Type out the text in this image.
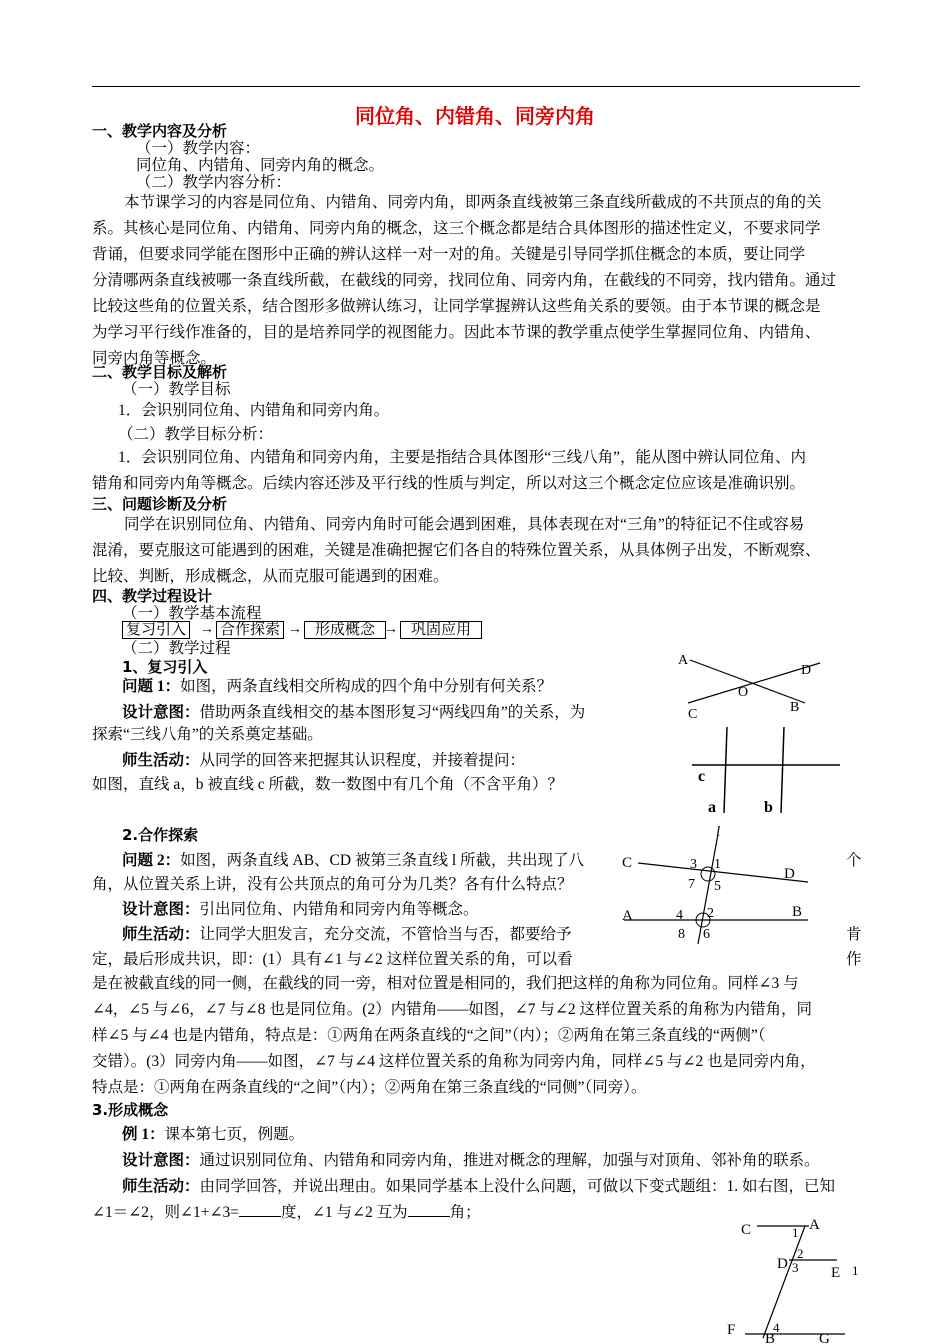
同位角、内错角、同旁内角
一、教学内容及分析
（一）教学内容：
同位角、内错角、同旁内角的概念。
（二）教学内容分析：
本节课学习的内容是同位角、内错角、同旁内角，即两条直线被第三条直线所截成的不共顶点的角的关
系。其核心是同位角、内错角、同旁内角的概念，这三个概念都是结合具体图形的描述性定义，不要求同学
背诵，但要求同学能在图形中正确的辨认这样一对一对的角。关键是引导同学抓住概念的本质，要让同学
分清哪两条直线被哪一条直线所截，在截线的同旁，找同位角、同旁内角，在截线的不同旁，找内错角。通过
比较这些角的位置关系，结合图形多做辨认练习，让同学掌握辨认这些角关系的要领。由于本节课的概念是
为学习平行线作准备的，目的是培养同学的视图能力。因此本节课的教学重点使学生掌握同位角、内错角、
同旁内角等概念。
二、教学目标及解析
（一）教学目标
1．会识别同位角、内错角和同旁内角。
（二）教学目标分析：
1．会识别同位角、内错角和同旁内角，主要是指结合具体图形“三线八角”，能从图中辨认同位角、内
错角和同旁内角等概念。后续内容还涉及平行线的性质与判定，所以对这三个概念定位应该是准确识别。
三、问题诊断及分析
同学在识别同位角、内错角、同旁内角时可能会遇到困难，具体表现在对“三角”的特征记不住或容易
混淆，要克服这可能遇到的困难，关键是准确把握它们各自的特殊位置关系，从具体例子出发，不断观察、
比较、判断，形成概念，从而克服可能遇到的困难。
四、教学过程设计
（一）教学基本流程
复习引入 → 合作探索 → 形成概念 → 巩固应用
（二）教学过程
1、复习引入
问题 1：如图，两条直线相交所构成的四个角中分别有何关系？
设计意图：借助两条直线相交的基本图形复习“两线四角”的关系，为
探索“三线八角”的关系奠定基础。
师生活动：从同学的回答来把握其认识程度，并接着提问：
如图，直线 a，b 被直线 c 所截，数一数图中有几个角（不含平角）？
2.合作探索
问题 2：如图，两条直线 AB、CD 被第三条直线 l 所截，共出现了八	个
角，从位置关系上讲，没有公共顶点的角可分为几类？各有什么特点？
设计意图：引出同位角、内错角和同旁内角等概念。
师生活动：让同学大胆发言，充分交流，不管恰当与否，都要给予	肯
定，最后形成共识，即：(1）具有∠1 与∠2 这样位置关系的角，可以看	作
是在被截直线的同一侧，在截线的同一旁，相对位置是相同的，我们把这样的角称为同位角。同样∠3 与
∠4，∠5 与∠6，∠7 与∠8 也是同位角。(2）内错角——如图，∠7 与∠2 这样位置关系的角称为内错角，同
样∠5 与∠4 也是内错角，特点是：①两角在两条直线的“之间”（内）；②两角在第三条直线的“两侧”（
交错）。(3）同旁内角——如图，∠7 与∠4 这样位置关系的角称为同旁内角，同样∠5 与∠2 也是同旁内角，
特点是：①两角在两条直线的“之间”（内）；②两角在第三条直线的“同侧”（同旁）。
3.形成概念
例 1：课本第七页，例题。
设计意图：通过识别同位角、内错角和同旁内角，推进对概念的理解，加强与对顶角、邻补角的联系。
师生活动：由同学回答，并说出理由。如果同学基本上没什么问题，可做以下变式题组：1. 如右图，已知
∠1＝∠2，则∠1+∠3=	度，∠1 与∠2 互为	角；
A
D
O
C	B
c
a	b
l
C
D
A	B
3 1
7 5
4 2
8 6
C	1 A
2
D 3 E
4
F
B	G
1
